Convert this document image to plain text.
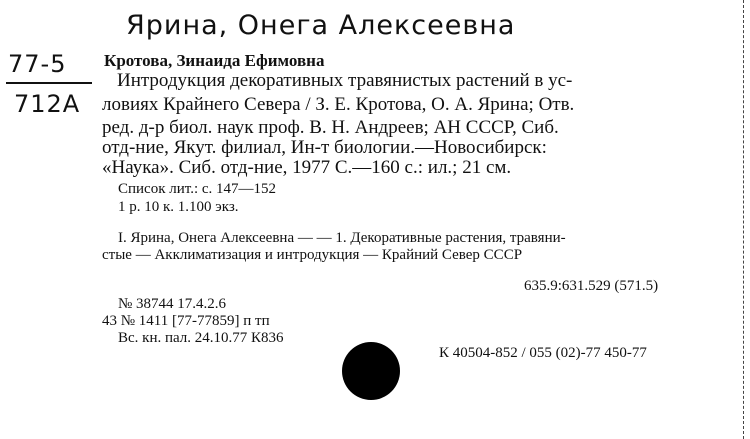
Ярина, Онега Алексеевна
77-5
712А
Кротова, Зинаида Ефимовна
Интродукция декоративных травянистых растений в ус-
ловиях Крайнего Севера / З. Е. Кротова, О. А. Ярина; Отв.
ред. д-р биол. наук проф. В. Н. Андреев; АН СССР, Сиб.
отд-ние, Якут. филиал, Ин-т биологии.—Новосибирск:
«Наука». Сиб. отд-ние, 1977 С.—160 с.: ил.; 21 см.
Список лит.: с. 147—152
1 р. 10 к. 1.100 экз.
I. Ярина, Онега Алексеевна — — 1. Декоративные растения, травяни-
стые — Акклиматизация и интродукция — Крайний Север СССР
635.9:631.529 (571.5)
№ 38744 17.4.2.6
43 № 1411 [77-77859] п тп
Вс. кн. пал. 24.10.77 К836
К 40504-852 / 055 (02)-77 450-77
